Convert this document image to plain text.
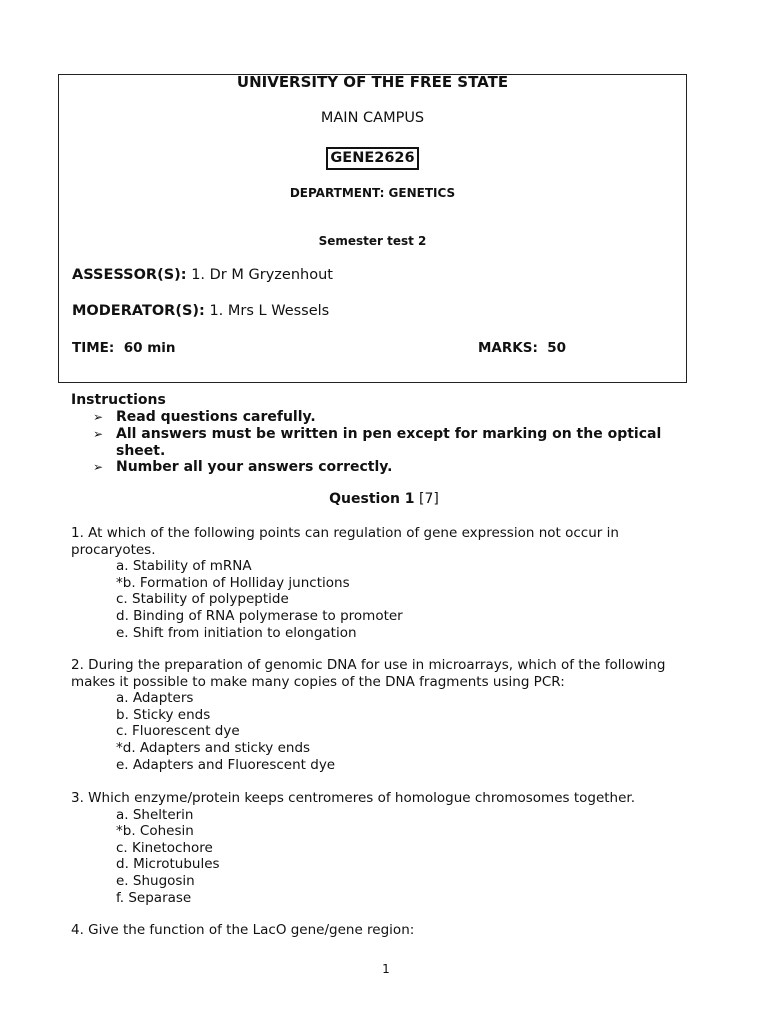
UNIVERSITY OF THE FREE STATE
MAIN CAMPUS
GENE2626
DEPARTMENT: GENETICS
Semester test 2
ASSESSOR(S): 1. Dr M Gryzenhout
MODERATOR(S): 1. Mrs L Wessels
TIME: 60 min	MARKS: 50
Instructions
➢ Read questions carefully.
➢ All answers must be written in pen except for marking on the optical sheet.
➢ Number all your answers correctly.
Question 1 [7]
1. At which of the following points can regulation of gene expression not occur in procaryotes.
a. Stability of mRNA
*b. Formation of Holliday junctions
c. Stability of polypeptide
d. Binding of RNA polymerase to promoter
e. Shift from initiation to elongation
2. During the preparation of genomic DNA for use in microarrays, which of the following makes it possible to make many copies of the DNA fragments using PCR:
a. Adapters
b. Sticky ends
c. Fluorescent dye
*d. Adapters and sticky ends
e. Adapters and Fluorescent dye
3. Which enzyme/protein keeps centromeres of homologue chromosomes together.
a. Shelterin
*b. Cohesin
c. Kinetochore
d. Microtubules
e. Shugosin
f. Separase
4. Give the function of the LacO gene/gene region:
1
